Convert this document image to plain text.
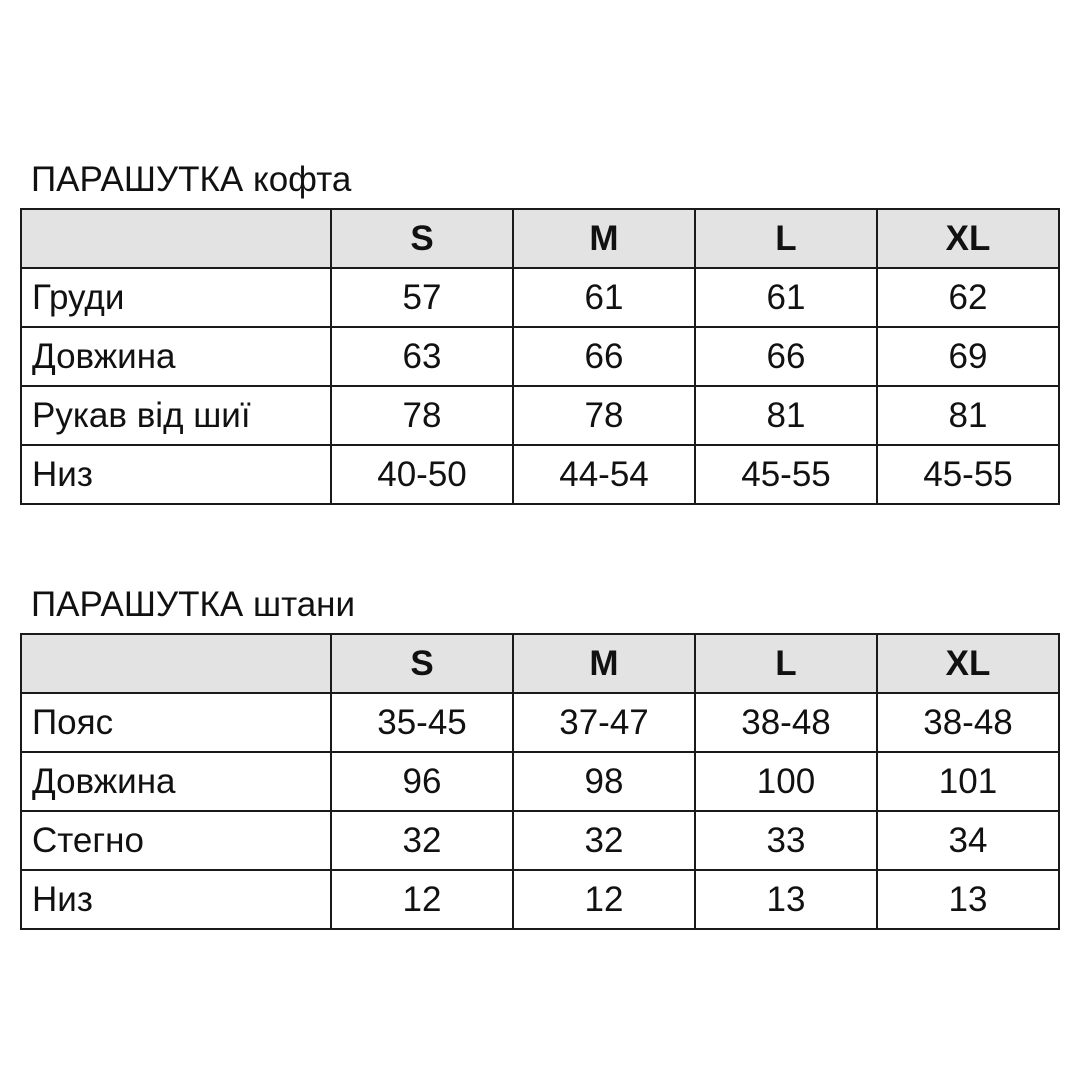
ПАРАШУТКА кофта
	S	M	L	XL
Груди	57	61	61	62
Довжина	63	66	66	69
Рукав від шиї	78	78	81	81
Низ	40-50	44-54	45-55	45-55
ПАРАШУТКА штани
	S	M	L	XL
Пояс	35-45	37-47	38-48	38-48
Довжина	96	98	100	101
Стегно	32	32	33	34
Низ	12	12	13	13
